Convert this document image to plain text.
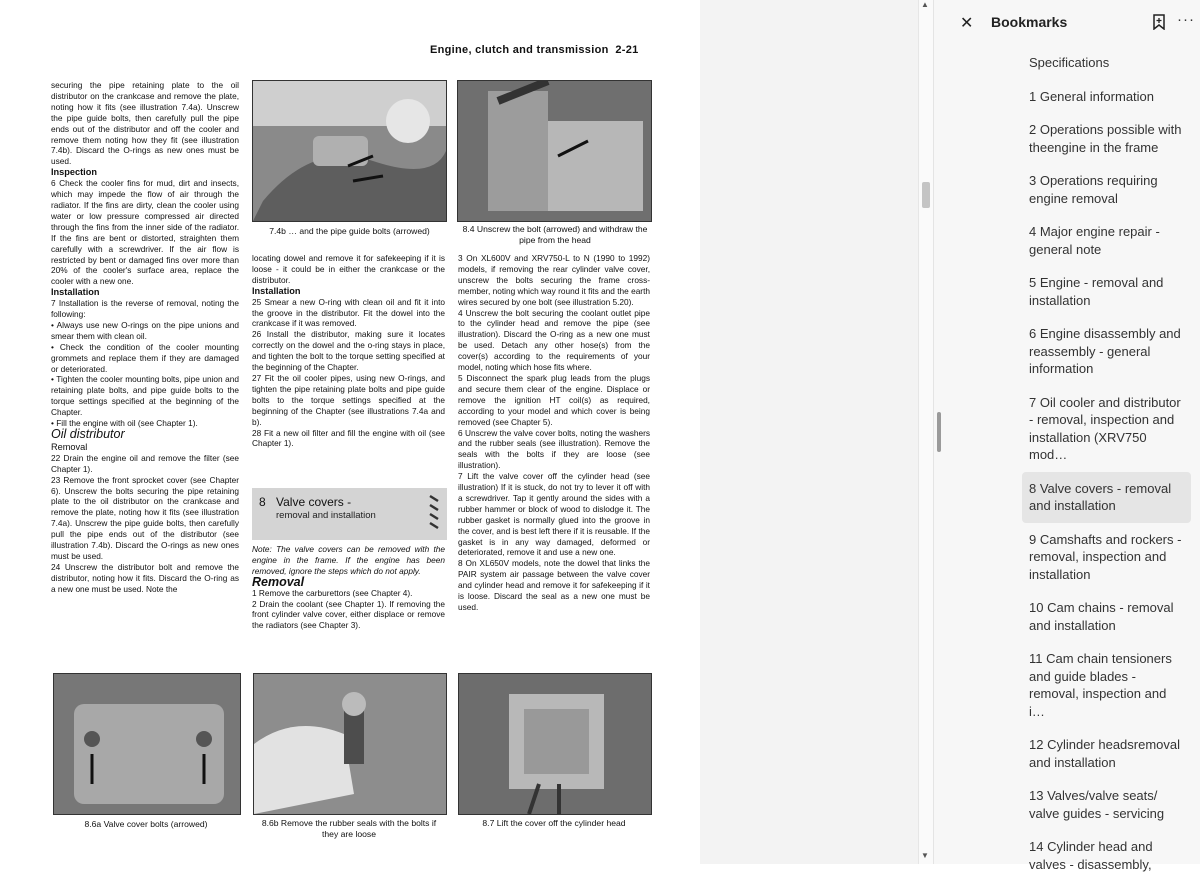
Engine, clutch and transmission 2-21

securing the pipe retaining plate to the oil distributor on the crankcase and remove the plate, noting how it fits (see illustration 7.4a). Unscrew the pipe guide bolts, then carefully pull the pipe ends out of the distributor and off the cooler and remove them noting how they fit (see illustration 7.4b). Discard the O-rings as new ones must be used.

Inspection

6 Check the cooler fins for mud, dirt and insects, which may impede the flow of air through the radiator. If the fins are dirty, clean the cooler using water or low pressure compressed air directed through the fins from the inner side of the radiator. If the fins are bent or distorted, straighten them carefully with a screwdriver. If the air flow is restricted by bent or damaged fins over more than 20% of the cooler's surface area, replace the cooler with a new one.

Installation

7 Installation is the reverse of removal, noting the following:

• Always use new O-rings on the pipe unions and smear them with clean oil.

• Check the condition of the cooler mounting grommets and replace them if they are damaged or deteriorated.

• Tighten the cooler mounting bolts, pipe union and retaining plate bolts, and pipe guide bolts to the torque settings specified at the beginning of the Chapter.

• Fill the engine with oil (see Chapter 1).

Oil distributor

Removal

22 Drain the engine oil and remove the filter (see Chapter 1).

23 Remove the front sprocket cover (see Chapter 6). Unscrew the bolts securing the pipe retaining plate to the oil distributor on the crankcase and remove the plate, noting how it fits (see illustration 7.4a). Unscrew the pipe guide bolts, then carefully pull the pipe ends out of the distributor (see illustration 7.4b). Discard the O-rings as new ones must be used.

24 Unscrew the distributor bolt and remove the distributor, noting how it fits. Discard the O-ring as a new one must be used. Note the

7.4b … and the pipe guide bolts (arrowed)	8.4 Unscrew the bolt (arrowed) and withdraw the pipe from the head

locating dowel and remove it for safekeeping if it is loose - it could be in either the crankcase or the distributor.

Installation

25 Smear a new O-ring with clean oil and fit it into the groove in the distributor. Fit the dowel into the crankcase if it was removed.

26 Install the distributor, making sure it locates correctly on the dowel and the o-ring stays in place, and tighten the bolt to the torque setting specified at the beginning of the Chapter.

27 Fit the oil cooler pipes, using new O-rings, and tighten the pipe retaining plate bolts and pipe guide bolts to the torque settings specified at the beginning of the Chapter (see illustrations 7.4a and b).

28 Fit a new oil filter and fill the engine with oil (see Chapter 1).

8 Valve covers -
removal and installation

Note: The valve covers can be removed with the engine in the frame. If the engine has been removed, ignore the steps which do not apply.

Removal

1 Remove the carburettors (see Chapter 4).

2 Drain the coolant (see Chapter 1). If removing the front cylinder valve cover, either displace or remove the radiators (see Chapter 3).

3 On XL600V and XRV750-L to N (1990 to 1992) models, if removing the rear cylinder valve cover, unscrew the bolts securing the frame cross-member, noting which way round it fits and the earth wires secured by one bolt (see illustration 5.20).

4 Unscrew the bolt securing the coolant outlet pipe to the cylinder head and remove the pipe (see illustration). Discard the O-ring as a new one must be used. Detach any other hose(s) from the cover(s) according to the requirements of your model, noting which hose fits where.

5 Disconnect the spark plug leads from the plugs and secure them clear of the engine. Displace or remove the ignition HT coil(s) as required, according to your model and which cover is being removed (see Chapter 5).

6 Unscrew the valve cover bolts, noting the washers and the rubber seals (see illustration). Remove the seals with the bolts if they are loose (see illustration).

7 Lift the valve cover off the cylinder head (see illustration) If it is stuck, do not try to lever it off with a screwdriver. Tap it gently around the sides with a rubber hammer or block of wood to dislodge it. The rubber gasket is normally glued into the groove in the cover, and is best left there if it is reusable. If the gasket is in any way damaged, deformed or deteriorated, remove it and use a new one.

8 On XL650V models, note the dowel that links the PAIR system air passage between the valve cover and cylinder head and remove it for safekeeping if it is loose. Discard the seal as a new one must be used.

8.6a Valve cover bolts (arrowed)	8.6b Remove the rubber seals with the bolts if they are loose
8.7 Lift the cover off the cylinder head
▲
▼
✕ Bookmarks	···
Specifications
1 General information
2 Operations possible with theengine in the frame
3 Operations requiring engine removal
4 Major engine repair - general note
5 Engine - removal and installation
6 Engine disassembly and reassembly - general information
7 Oil cooler and distributor - removal, inspection and installation (XRV750 mod…
8 Valve covers - removal and installation
9 Camshafts and rockers - removal, inspection and installation
10 Cam chains - removal and installation
11 Cam chain tensioners and guide blades - removal, inspection and i…
12 Cylinder headsremoval and installation
13 Valves/valve seats/ valve guides - servicing
14 Cylinder head and valves - disassembly,
